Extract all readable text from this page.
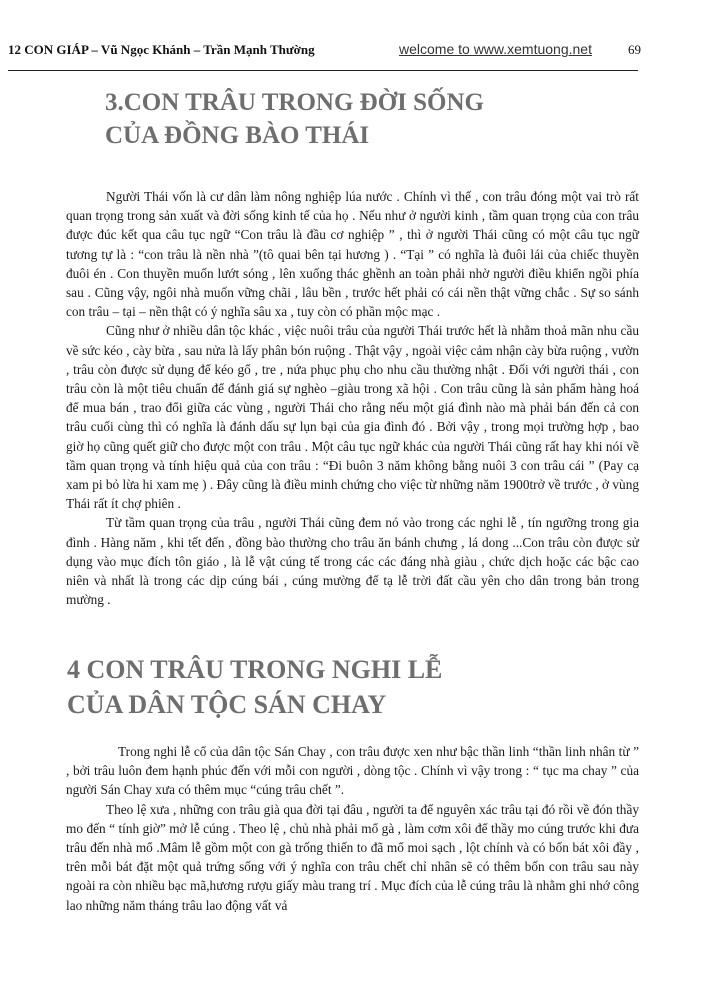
12 CON GIÁP – Vũ Ngọc Khánh – Trần Mạnh Thường	welcome to www.xemtuong.net	69
3.CON TRÂU TRONG ĐỜI SỐNG
CỦA ĐỒNG BÀO THÁI

Người Thái vốn là cư dân làm nông nghiệp lúa nước . Chính vì thế , con trâu đóng một vai trò rất quan trọng trong sản xuất và đời sống kinh tế của họ . Nếu như ở người kinh , tầm quan trọng của con trâu được đúc kết qua câu tục ngữ “Con trâu là đầu cơ nghiệp ” , thì ở người Thái cũng có một câu tục ngữ tương tự là : “con trâu là nền nhà ”(tô quai bên tại hương ) . “Tại ” có nghĩa là đuôi lái của chiếc thuyền đuôi én . Con thuyền muốn lướt sóng , lên xuống thác ghềnh an toàn phải nhờ người điều khiển ngồi phía sau . Cũng vậy, ngôi nhà muốn vững chãi , lâu bền , trước hết phải có cái nền thật vững chắc . Sự so sánh con trâu – tại – nền thật có ý nghĩa sâu xa , tuy còn có phần mộc mạc .

Cũng như ở nhiều dân tộc khác , việc nuôi trâu của người Thái trước hết là nhằm thoả mãn nhu cầu về sức kéo , cày bừa , sau nửa là lấy phân bón ruộng . Thật vậy , ngoài việc cảm nhận cày bừa ruộng , vườn , trâu còn được sử dụng để kéo gổ , tre , nứa phục phụ cho nhu cầu thường nhật . Đối với người thái , con trâu còn là một tiêu chuẩn để đánh giá sự nghèo –giàu trong xã hội . Con trâu cũng là sản phẩm hàng hoá để mua bán , trao đổi giữa các vùng , người Thái cho rằng nếu một giá đình nào mà phải bán đến cả con trâu cuối cùng thì có nghĩa là đánh dấu sự lụn bại của gia đình đó . Bởi vậy , trong mọi trường hợp , bao giờ họ cũng quết giữ cho được một con trâu . Một câu tục ngữ khác của người Thái cũng rất hay khi nói về tầm quan trọng và tính hiệu quả của con trâu : “Đi buôn 3 năm không bằng nuôi 3 con trâu cái ” (Pay cạ xam pi bỏ lừa hi xam mẹ ) . Đây cũng là điều minh chứng cho việc từ những năm 1900trở về trước , ở vùng Thái rất ít chợ phiên .

Từ tầm quan trọng của trâu , người Thái cũng đem nó vào trong các nghi lễ , tín ngưỡng trong gia đình . Hàng năm , khi tết đến , đồng bào thường cho trâu ăn bánh chưng , lá dong ...Con trâu còn được sử dụng vào mục đích tôn giáo , là lễ vật cúng tế trong các các đáng nhà giàu , chức dịch hoặc các bậc cao niên và nhất là trong các dịp cúng bái , cúng mường để tạ lễ trời đất cầu yên cho dân trong bản trong mường .

4 CON TRÂU TRONG NGHI LỄ
CỦA DÂN TỘC SÁN CHAY

Trong nghi lễ cổ của dân tộc Sán Chay , con trâu được xen như bậc thần linh “thần linh nhân từ ” , bởi trâu luôn đem hạnh phúc đến với mỗi con người , dòng tộc . Chính vì vậy trong : “ tục ma chay ” của người Sán Chay xưa có thêm mục “cúng trâu chết ”.

Theo lệ xưa , những con trâu già qua đời tại đâu , người ta để nguyên xác trâu tại đó rồi về đón thầy mo đến “ tính giờ” mở lễ cúng . Theo lệ , chủ nhà phải mổ gà , làm cơm xôi để thầy mo cúng trước khi đưa trâu đến nhà mổ .Mâm lễ gồm một con gà trống thiến to đã mổ moi sạch , lột chính và có bốn bát xôi đầy , trên mỗi bát đặt một quả trứng sống với ý nghĩa con trâu chết chỉ nhân sẽ có thêm bốn con trâu sau này ngoài ra còn nhiều bạc mã,hương rượu giấy màu trang trí . Mục đích của lễ cúng trâu là nhằm ghi nhớ công lao những năm tháng trâu lao động vất vả
